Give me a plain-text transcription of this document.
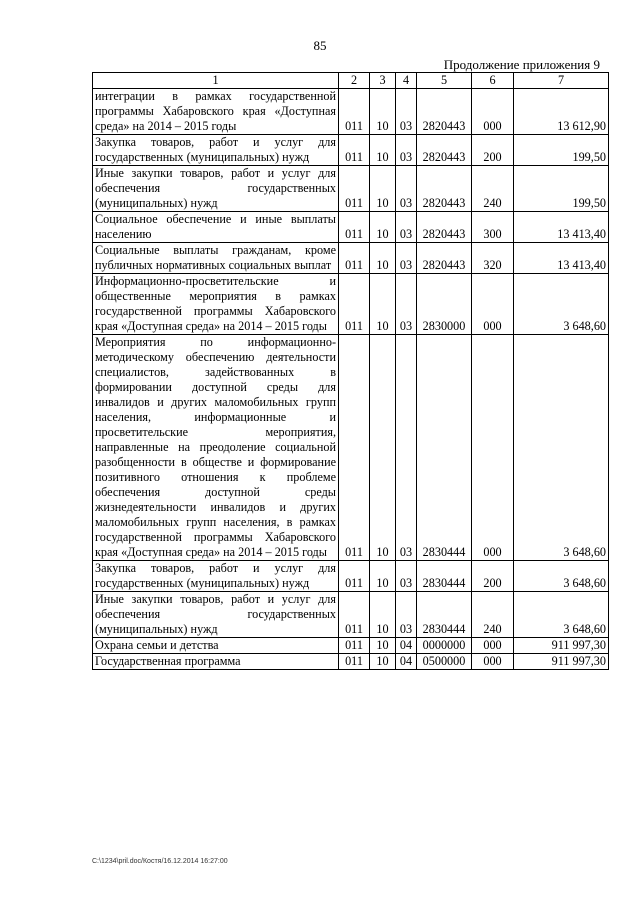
85
Продолжение приложения 9
1	2	3	4	5	6	7
интеграции в рамках государственной программы Хабаровского края «Доступная среда» на 2014 – 2015 годы	011	10	03	2820443	000	13 612,90
Закупка товаров, работ и услуг для государственных (муниципальных) нужд	011	10	03	2820443	200	199,50
Иные закупки товаров, работ и услуг для обеспечения государственных (муниципальных) нужд	011	10	03	2820443	240	199,50
Социальное обеспечение и иные выплаты населению	011	10	03	2820443	300	13 413,40
Социальные выплаты гражданам, кроме публичных нормативных социальных выплат	011	10	03	2820443	320	13 413,40
Информационно-просветительские и общественные мероприятия в рамках государственной программы Хабаровского края «Доступная среда» на 2014 – 2015 годы	011	10	03	2830000	000	3 648,60
Мероприятия по информационно-методическому обеспечению деятельности специалистов, задействованных в формировании доступной среды для инвалидов и других маломобильных групп населения, информационные и просветительские мероприятия, направленные на преодоление социальной разобщенности в обществе и формирование позитивного отношения к проблеме обеспечения доступной среды жизнедеятельности инвалидов и других маломобильных групп населения, в рамках государственной программы Хабаровского края «Доступная среда» на 2014 – 2015 годы	011	10	03	2830444	000	3 648,60
Закупка товаров, работ и услуг для государственных (муниципальных) нужд	011	10	03	2830444	200	3 648,60
Иные закупки товаров, работ и услуг для обеспечения государственных (муниципальных) нужд	011	10	03	2830444	240	3 648,60
Охрана семьи и детства	011	10	04	0000000	000	911 997,30
Государственная программа	011	10	04	0500000	000	911 997,30
C:\1234\pril.doc/Костя/16.12.2014 16:27:00
